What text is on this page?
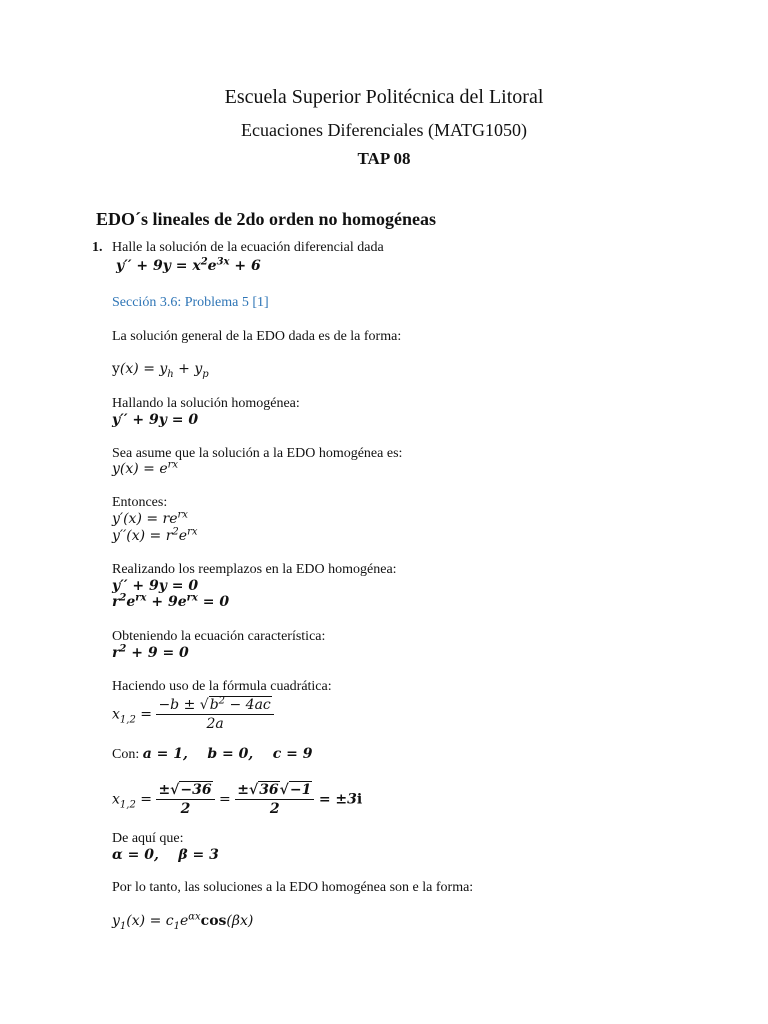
Escuela Superior Politécnica del Litoral
Ecuaciones Diferenciales (MATG1050)
TAP 08
EDO´s lineales de 2do orden no homogéneas
1. Halle la solución de la ecuación diferencial dada
$y'' + 9y = x^2e^{3x} + 6$
Sección 3.6: Problema 5 [1]
La solución general de la EDO dada es de la forma:
$y(x) = y_h + y_p$
Hallando la solución homogénea:
y′′ + 9y = 0
Sea asume que la solución a la EDO homogénea es:
$y(x) = e^{rx}$
Entonces:
$y'(x) = re^{rx}$
$y''(x) = r^2e^{rx}$
Realizando los reemplazos en la EDO homogénea:
y′′ + 9y = 0
$r^2e^{rx} + 9e^{rx} = 0$
Obteniendo la ecuación característica:
$r^2 + 9 = 0$
Haciendo uso de la fórmula cuadrática:
$x_{1,2} = \frac{-b \pm √b^2 - 4ac}{2a}$
Con: a = 1,    b = 0,    c = 9
$x_{1,2} = \frac{\pm√-36}{2} = \frac{\pm√36√-1}{2} = \pm 3i$
De aquí que:
α = 0,    β = 3
Por lo tanto, las soluciones a la EDO homogénea son e la forma:
$y_1(x) = c_1e^{\alpha x}\cos(\beta x)$
